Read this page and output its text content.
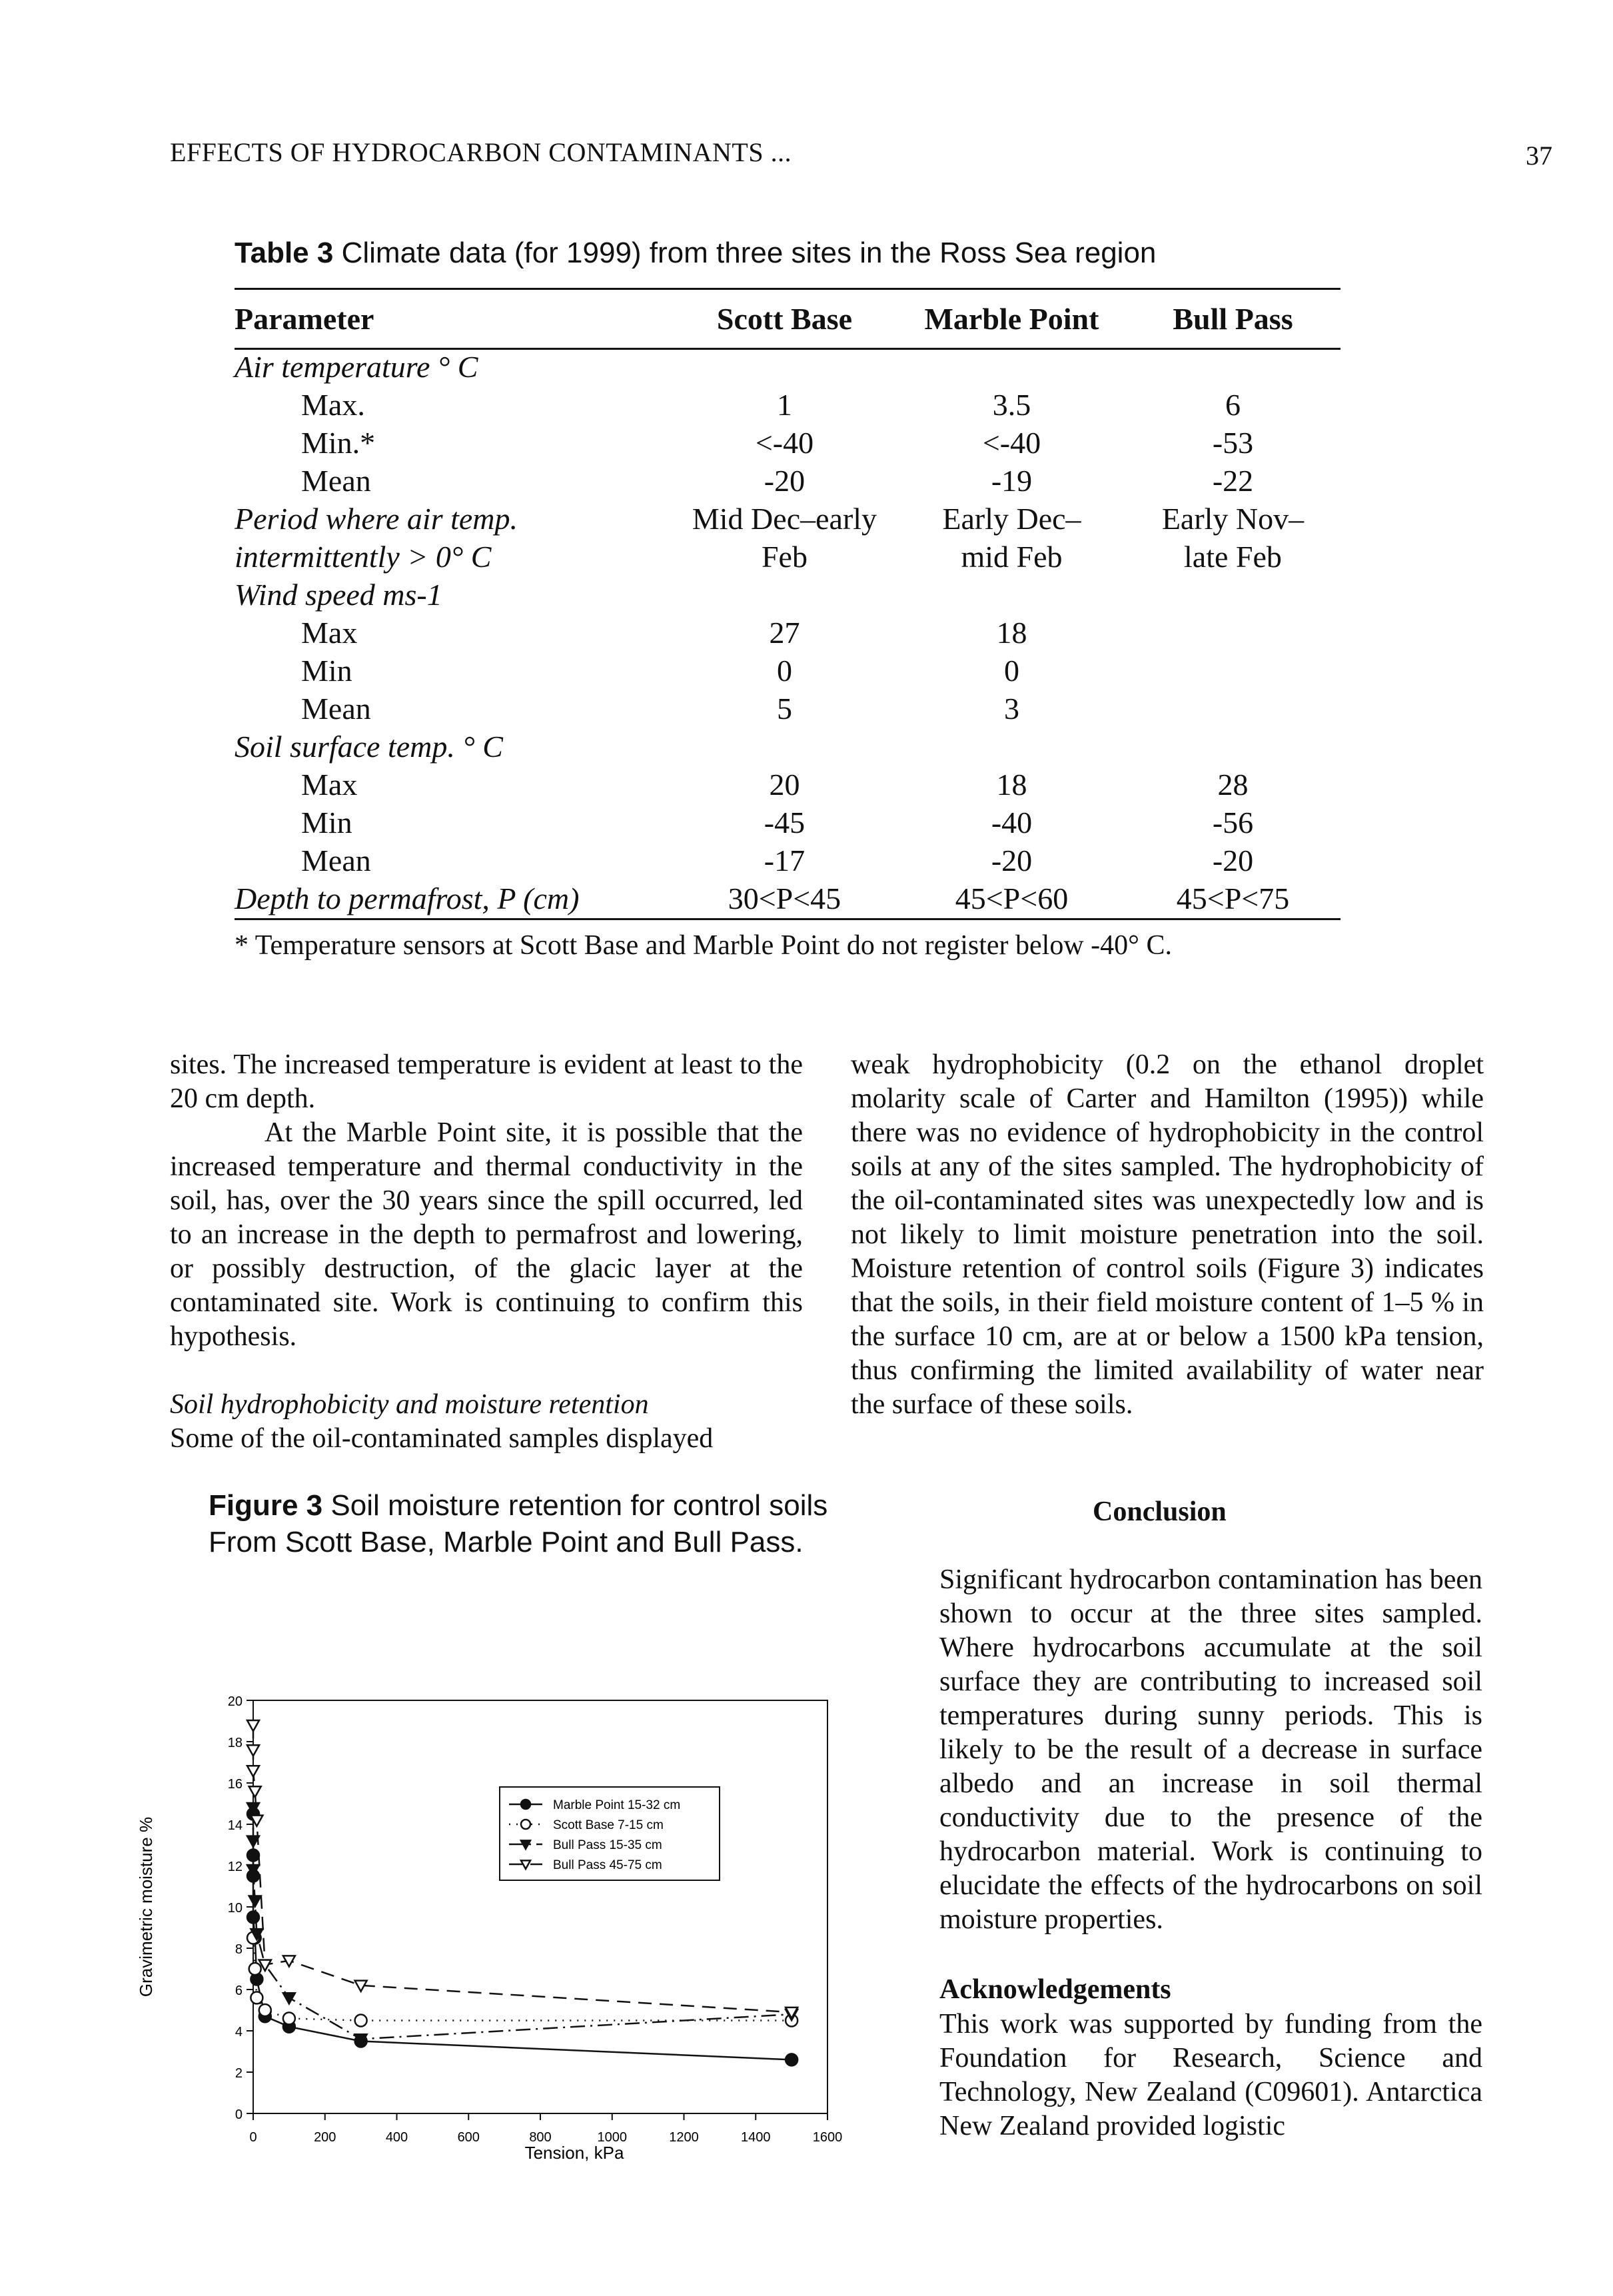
EFFECTS OF HYDROCARBON CONTAMINANTS ...	37
Table 3 Climate data (for 1999) from three sites in the Ross Sea region
Parameter	Scott Base	Marble Point	Bull Pass
Air temperature ° C			
Max.	1	3.5	6
Min.*	<-40	<-40	-53
Mean	-20	-19	-22
Period where air temp.	Mid Dec–early	Early Dec–	Early Nov–
intermittently > 0° C	Feb	mid Feb	late Feb
Wind speed ms-1			
Max	27	18	
Min	0	0	
Mean	5	3	
Soil surface temp. ° C			
Max	20	18	28
Min	-45	-40	-56
Mean	-17	-20	-20
Depth to permafrost, P (cm)	30<P<45	45<P<60	45<P<75
* Temperature sensors at Scott Base and Marble Point do not register below -40° C.

sites. The increased temperature is evident at least to the 20 cm depth.

At the Marble Point site, it is possible that the increased temperature and thermal conductivity in the soil, has, over the 30 years since the spill occurred, led to an increase in the depth to permafrost and lowering, or possibly destruction, of the glacic layer at the contaminated site. Work is continuing to confirm this hypothesis.

Soil hydrophobicity and moisture retention

Some of the oil-contaminated samples displayed

weak hydrophobicity (0.2 on the ethanol droplet molarity scale of Carter and Hamilton (1995)) while there was no evidence of hydrophobicity in the control soils at any of the sites sampled. The hydrophobicity of the oil-contaminated sites was unexpectedly low and is not likely to limit moisture penetration into the soil. Moisture retention of control soils (Figure 3) indicates that the soils, in their field moisture content of 1–5 % in the surface 10 cm, are at or below a 1500 kPa tension, thus confirming the limited availability of water near the surface of these soils.

Figure 3 Soil moisture retention for control soils
From Scott Base, Marble Point and Bull Pass.
Conclusion
Significant hydrocarbon contamination has been shown to occur at the three sites sampled. Where hydrocarbons accumulate at the soil surface they are contributing to increased soil temperatures during sunny periods. This is likely to be the result of a decrease in surface albedo and an increase in soil thermal conductivity due to the presence of the hydrocarbon material. Work is continuing to elucidate the effects of the hydrocarbons on soil moisture properties.
Acknowledgements
This work was supported by funding from the Foundation for Research, Science and Technology, New Zealand (C09601). Antarctica New Zealand provided logistic
0
2
4
6
8
10
12
14
16
18
20
0	200	400	600	800	1000	1200	1400	1600
Marble Point 15-32 cm
Scott Base 7-15 cm
Bull Pass 15-35 cm
Bull Pass 45-75 cm
Tension, kPa
Gravimetric moisture %
